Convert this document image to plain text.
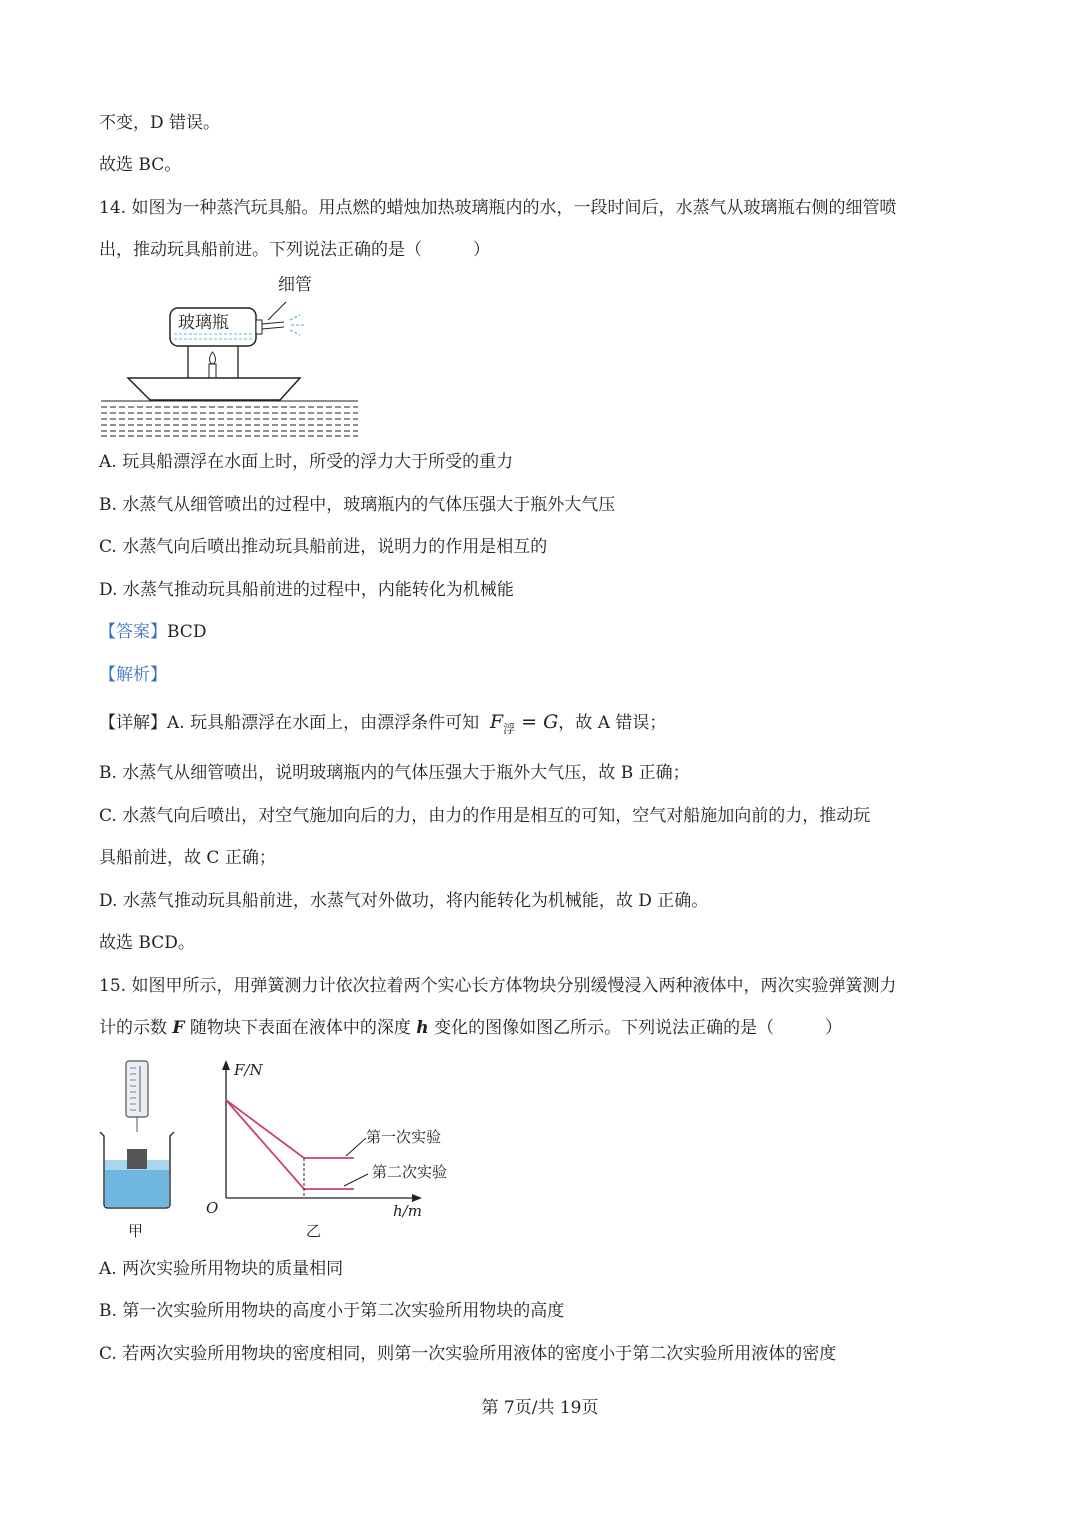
不变，D 错误。
故选 BC。
14. 如图为一种蒸汽玩具船。用点燃的蜡烛加热玻璃瓶内的水，一段时间后，水蒸气从玻璃瓶右侧的细管喷
出，推动玩具船前进。下列说法正确的是（　　　）
细管
玻璃瓶
A. 玩具船漂浮在水面上时，所受的浮力大于所受的重力
B. 水蒸气从细管喷出的过程中，玻璃瓶内的气体压强大于瓶外大气压
C. 水蒸气向后喷出推动玩具船前进，说明力的作用是相互的
D. 水蒸气推动玩具船前进的过程中，内能转化为机械能
【答案】BCD
【解析】
【详解】A. 玩具船漂浮在水面上，由漂浮条件可知 $F_浮 = G$，故 A 错误；
B. 水蒸气从细管喷出，说明玻璃瓶内的气体压强大于瓶外大气压，故 B 正确；
C. 水蒸气向后喷出，对空气施加向后的力，由力的作用是相互的可知，空气对船施加向前的力，推动玩
具船前进，故 C 正确；
D. 水蒸气推动玩具船前进，水蒸气对外做功，将内能转化为机械能，故 D 正确。
故选 BCD。
15. 如图甲所示，用弹簧测力计依次拉着两个实心长方体物块分别缓慢浸入两种液体中，两次实验弹簧测力
计的示数 F 随物块下表面在液体中的深度 h 变化的图像如图乙所示。下列说法正确的是（　　　）
甲
F/N
h/m
O
第一次实验
第二次实验
乙
A. 两次实验所用物块的质量相同
B. 第一次实验所用物块的高度小于第二次实验所用物块的高度
C. 若两次实验所用物块的密度相同，则第一次实验所用液体的密度小于第二次实验所用液体的密度
第 7页/共 19页
